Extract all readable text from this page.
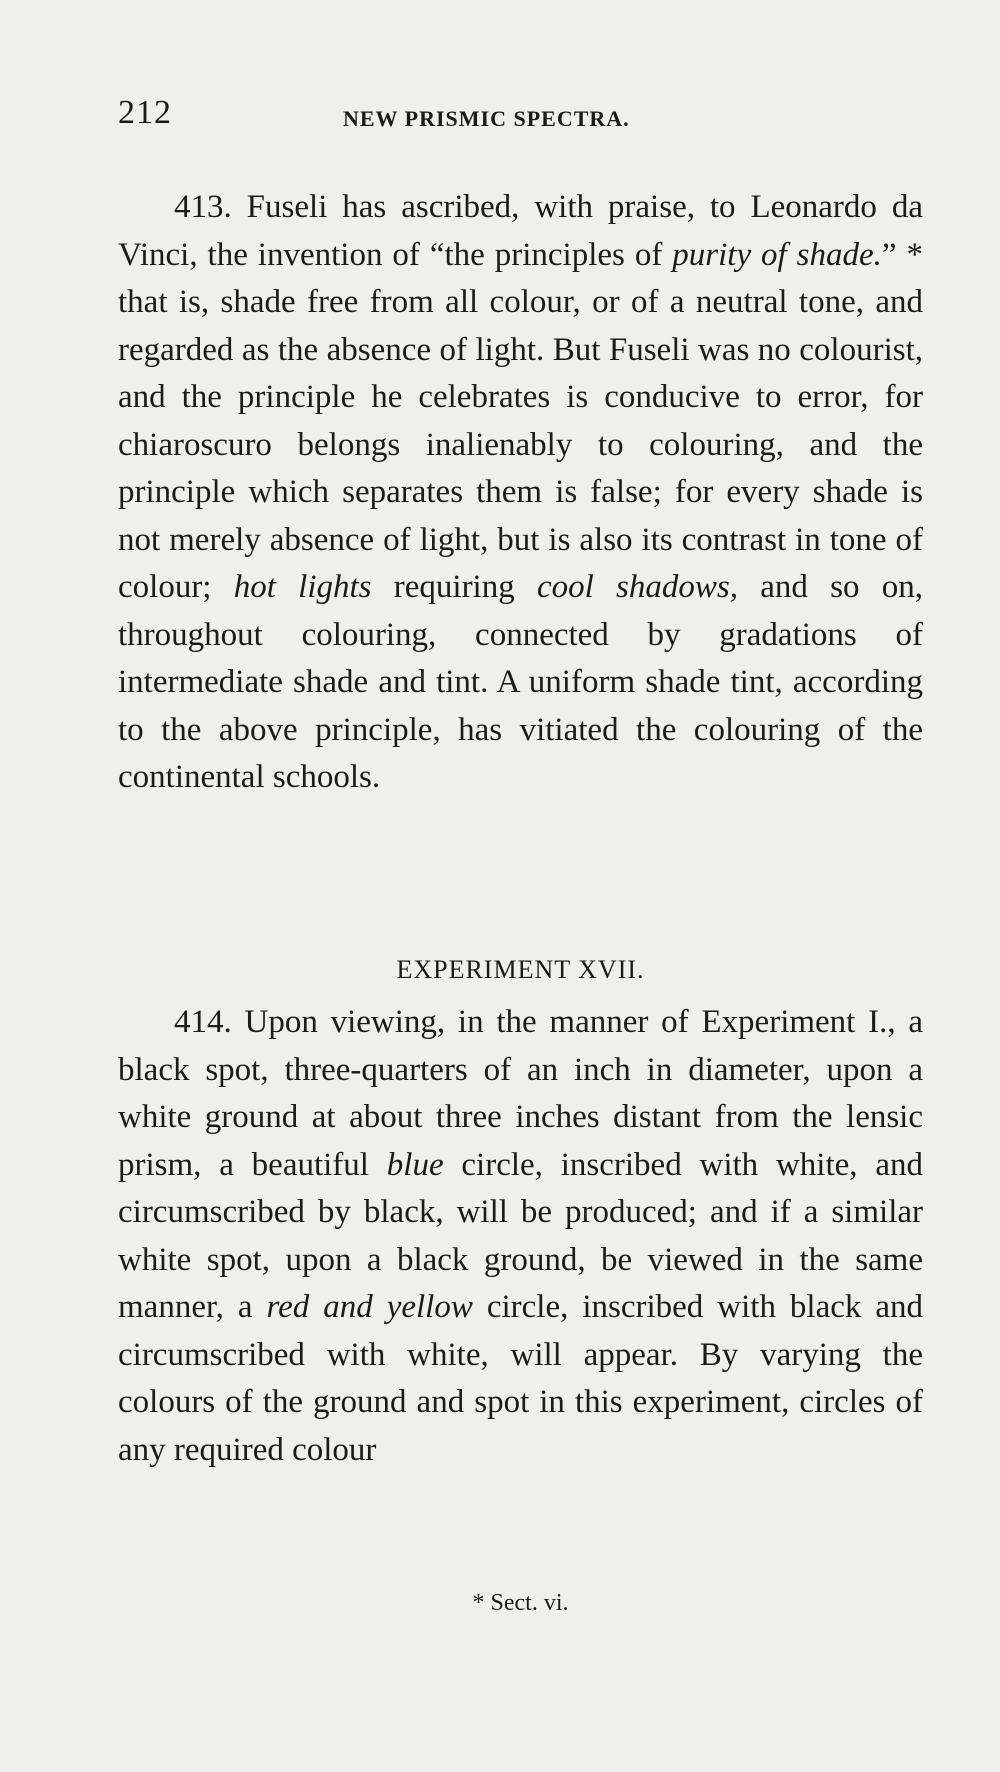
212	NEW PRISMIC SPECTRA.

413. Fuseli has ascribed, with praise, to Leonardo da Vinci, the invention of “the principles of purity of shade.” * that is, shade free from all colour, or of a neutral tone, and regarded as the absence of light. But Fuseli was no colourist, and the principle he celebrates is conducive to error, for chiaroscuro belongs inalienably to colouring, and the principle which separates them is false; for every shade is not merely absence of light, but is also its contrast in tone of colour; hot lights requiring cool shadows, and so on, throughout colouring, connected by gradations of intermediate shade and tint. A uniform shade tint, according to the above principle, has vitiated the colouring of the continental schools.

EXPERIMENT XVII.

414. Upon viewing, in the manner of Experiment I., a black spot, three-quarters of an inch in diameter, upon a white ground at about three inches distant from the lensic prism, a beautiful blue circle, inscribed with white, and circumscribed by black, will be produced; and if a similar white spot, upon a black ground, be viewed in the same manner, a red and yellow circle, inscribed with black and circumscribed with white, will appear. By varying the colours of the ground and spot in this experiment, circles of any required colour

* Sect. vi.
